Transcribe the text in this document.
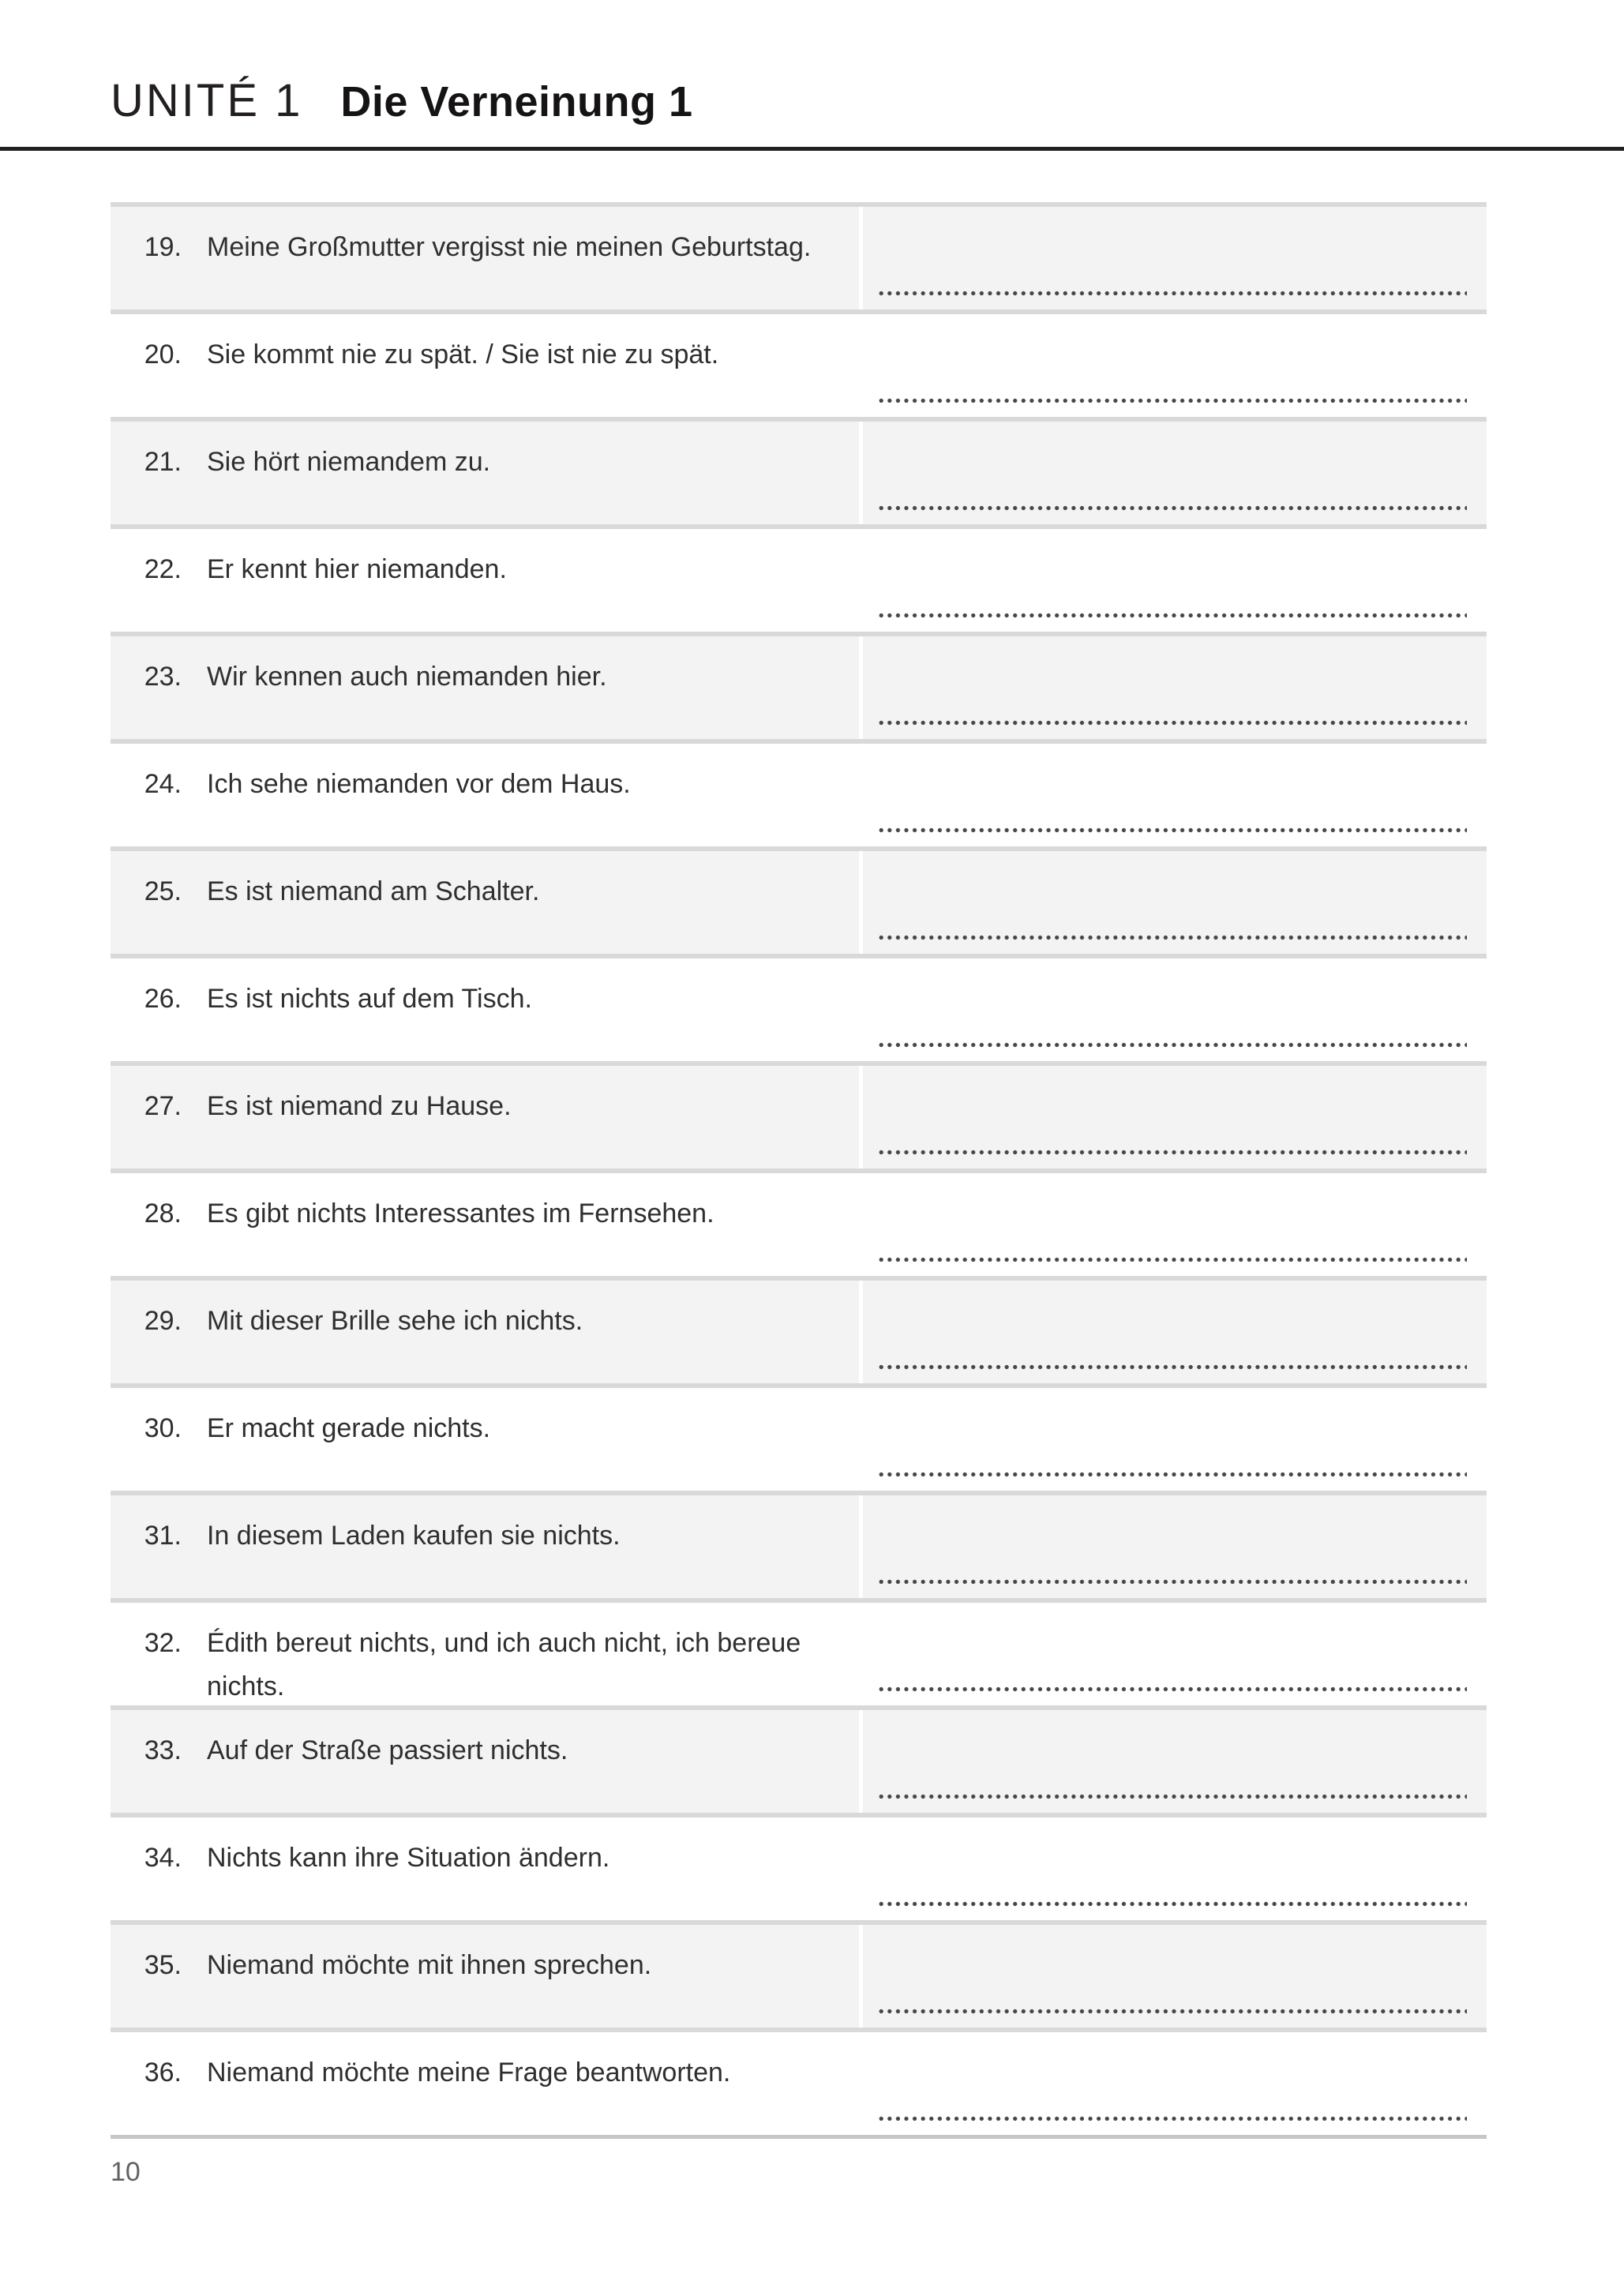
UNITÉ 1 Die Verneinung 1
19. Meine Großmutter vergisst nie meinen Geburtstag.
20. Sie kommt nie zu spät. / Sie ist nie zu spät.
21. Sie hört niemandem zu.
22. Er kennt hier niemanden.
23. Wir kennen auch niemanden hier.
24. Ich sehe niemanden vor dem Haus.
25. Es ist niemand am Schalter.
26. Es ist nichts auf dem Tisch.
27. Es ist niemand zu Hause.
28. Es gibt nichts Interessantes im Fernsehen.
29. Mit dieser Brille sehe ich nichts.
30. Er macht gerade nichts.
31. In diesem Laden kaufen sie nichts.
32. Édith bereut nichts, und ich auch nicht, ich bereue nichts.
33. Auf der Straße passiert nichts.
34. Nichts kann ihre Situation ändern.
35. Niemand möchte mit ihnen sprechen.
36. Niemand möchte meine Frage beantworten.
10
